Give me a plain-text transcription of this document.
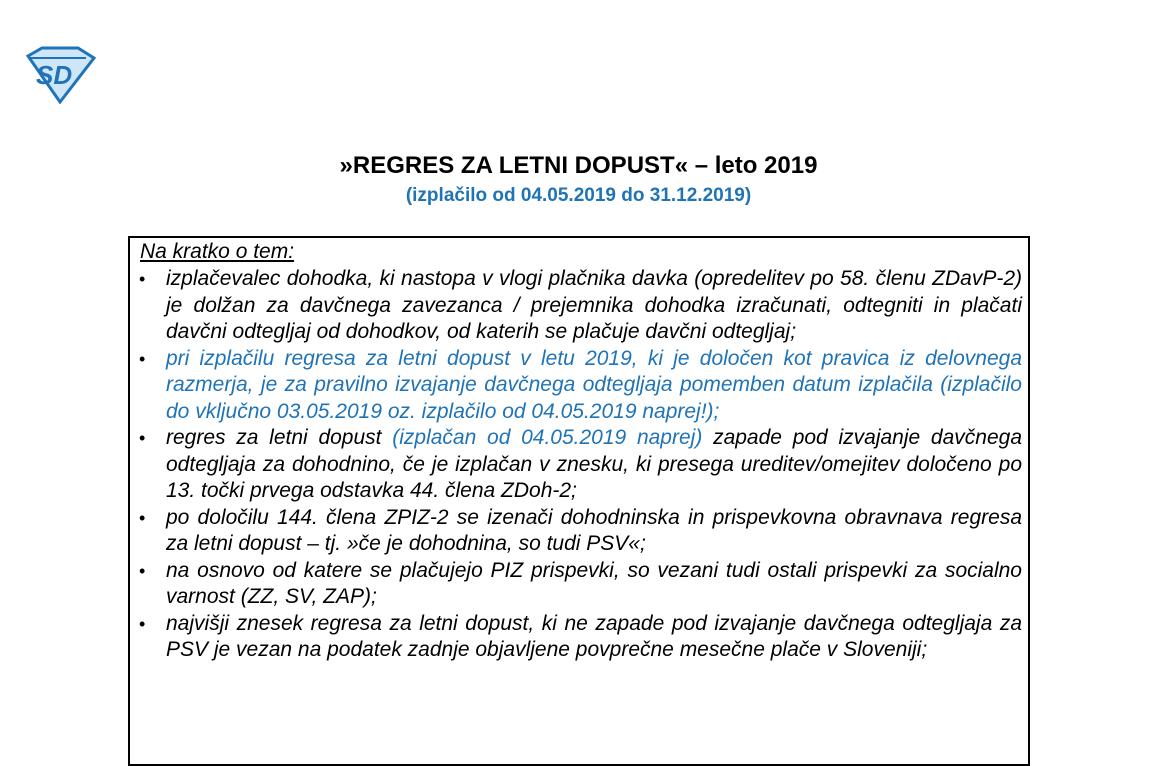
SD
»REGRES ZA LETNI DOPUST« – leto 2019
(izplačilo od 04.05.2019 do 31.12.2019)
Na kratko o tem:
• izplačevalec dohodka, ki nastopa v vlogi plačnika davka (opredelitev po 58. členu ZDavP-2) je dolžan za davčnega zavezanca / prejemnika dohodka izračunati, odtegniti in plačati davčni odtegljaj od dohodkov, od katerih se plačuje davčni odtegljaj;
• pri izplačilu regresa za letni dopust v letu 2019, ki je določen kot pravica iz delovnega razmerja, je za pravilno izvajanje davčnega odtegljaja pomemben datum izplačila (izplačilo do vključno 03.05.2019 oz. izplačilo od 04.05.2019 naprej!);
• regres za letni dopust (izplačan od 04.05.2019 naprej) zapade pod izvajanje davčnega odtegljaja za dohodnino, če je izplačan v znesku, ki presega ureditev/omejitev določeno po 13. točki prvega odstavka 44. člena ZDoh-2;
• po določilu 144. člena ZPIZ-2 se izenači dohodninska in prispevkovna obravnava regresa za letni dopust – tj. »če je dohodnina, so tudi PSV«;
• na osnovo od katere se plačujejo PIZ prispevki, so vezani tudi ostali prispevki za socialno varnost (ZZ, SV, ZAP);
• najvišji znesek regresa za letni dopust, ki ne zapade pod izvajanje davčnega odtegljaja za PSV je vezan na podatek zadnje objavljene povprečne mesečne plače v Sloveniji;
